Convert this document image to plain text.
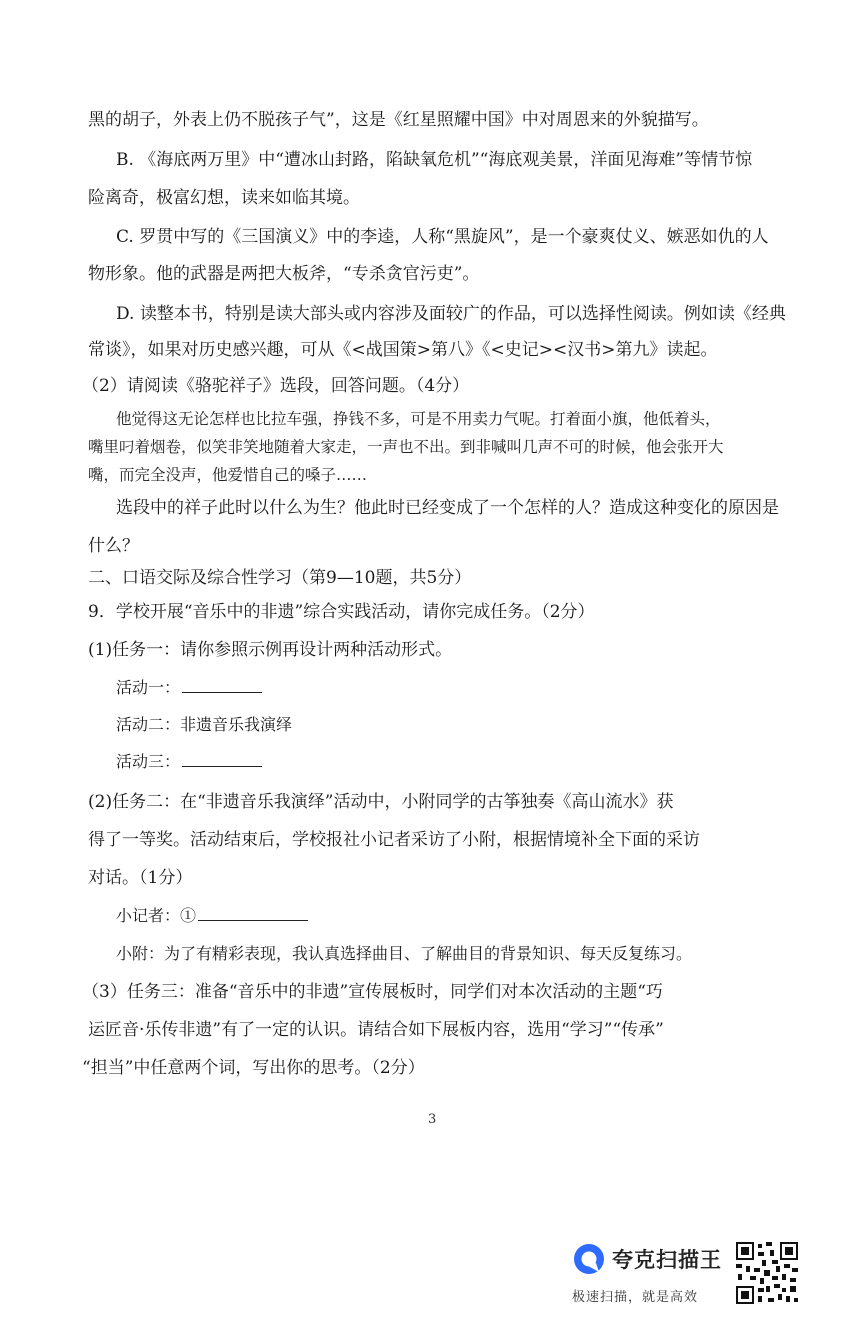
黑的胡子，外表上仍不脱孩子气”，这是《红星照耀中国》中对周恩来的外貌描写。
B. 《海底两万里》中“遭冰山封路，陷缺氧危机”“海底观美景，洋面见海难”等情节惊
险离奇，极富幻想，读来如临其境。
C. 罗贯中写的《三国演义》中的李逵，人称“黑旋风”，是一个豪爽仗义、嫉恶如仇的人
物形象。他的武器是两把大板斧，“专杀贪官污吏”。
D. 读整本书，特别是读大部头或内容涉及面较广的作品，可以选择性阅读。例如读《经典
常谈》，如果对历史感兴趣，可从《<战国策>第八》《<史记><汉书>第九》读起。
（2）请阅读《骆驼祥子》选段，回答问题。（4分）
他觉得这无论怎样也比拉车强，挣钱不多，可是不用卖力气呢。打着面小旗，他低着头，
嘴里叼着烟卷，似笑非笑地随着大家走，一声也不出。到非喊叫几声不可的时候，他会张开大
嘴，而完全没声，他爱惜自己的嗓子……
选段中的祥子此时以什么为生？他此时已经变成了一个怎样的人？造成这种变化的原因是
什么？
二、口语交际及综合性学习（第9—10题，共5分）
9．学校开展“音乐中的非遗”综合实践活动，请你完成任务。（2分）
(1)任务一：请你参照示例再设计两种活动形式。
活动一：
活动二：非遗音乐我演绎
活动三：
(2)任务二：在“非遗音乐我演绎”活动中，小附同学的古筝独奏《高山流水》获
得了一等奖。活动结束后，学校报社小记者采访了小附，根据情境补全下面的采访
对话。（1分）
小记者：①
小附：为了有精彩表现，我认真选择曲目、了解曲目的背景知识、每天反复练习。
（3）任务三：准备“音乐中的非遗”宣传展板时，同学们对本次活动的主题“巧
运匠音·乐传非遗”有了一定的认识。请结合如下展板内容，选用“学习”“传承”
“担当”中任意两个词，写出你的思考。（2分）
3
夸克扫描王
极速扫描，就是高效
